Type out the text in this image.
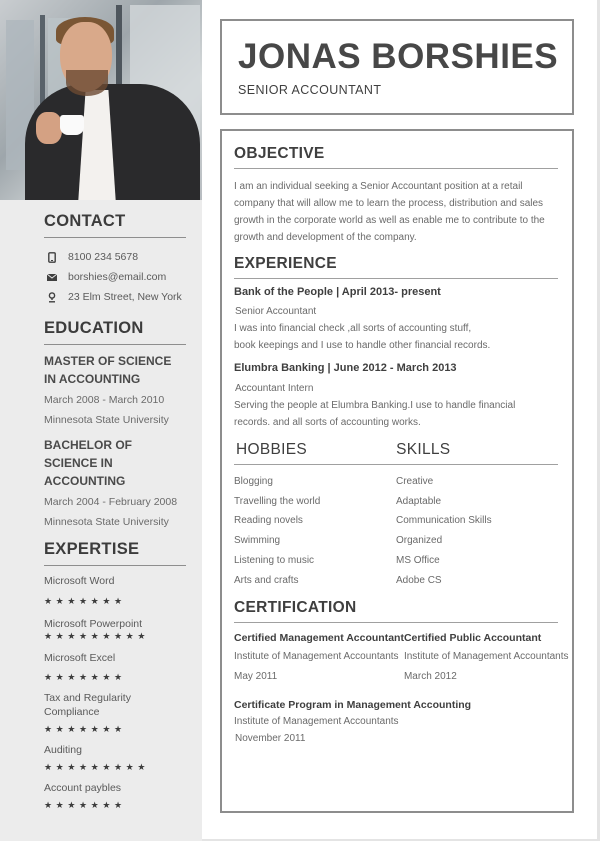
CONTACT
8100 234 5678
borshies@email.com
23 Elm Street, New York
EDUCATION
MASTER OF SCIENCE IN ACCOUNTING
March 2008 - March 2010
Minnesota State University
BACHELOR OF SCIENCE IN ACCOUNTING
March 2004 - February 2008
Minnesota State University
EXPERTISE
Microsoft Word
★★★★★★★
Microsoft Powerpoint
★★★★★★★★★
Microsoft Excel
★★★★★★★
Tax and Regularity Compliance
★★★★★★★
Auditing
★★★★★★★★★
Account paybles
★★★★★★★
JONAS BORSHIES
SENIOR ACCOUNTANT
OBJECTIVE

I am an individual seeking a Senior Accountant position at a retail company that will allow me to learn the process, distribution and sales growth in the corporate world as well as enable me to contribute to the growth and development of the company.

EXPERIENCE
Bank of the People | April 2013- present
Senior Accountant
I was into financial check ,all sorts of accounting stuff,
book keepings and I use to handle other financial records.
Elumbra Banking | June 2012 - March 2013
Accountant Intern
Serving the people at Elumbra Banking.I use to handle financial
records. and all sorts of accounting works.
HOBBIES	SKILLS
Blogging
Travelling the world
Reading novels
Swimming
Listening to music
Arts and crafts
Creative
Adaptable
Communication Skills
Organized
MS Office
Adobe CS
CERTIFICATION
Certified Management Accountant
Institute of Management Accountants
May 2011
Certified Public Accountant
Institute of Management Accountants
March 2012
Certificate Program in Management Accounting
Institute of Management Accountants
November 2011
